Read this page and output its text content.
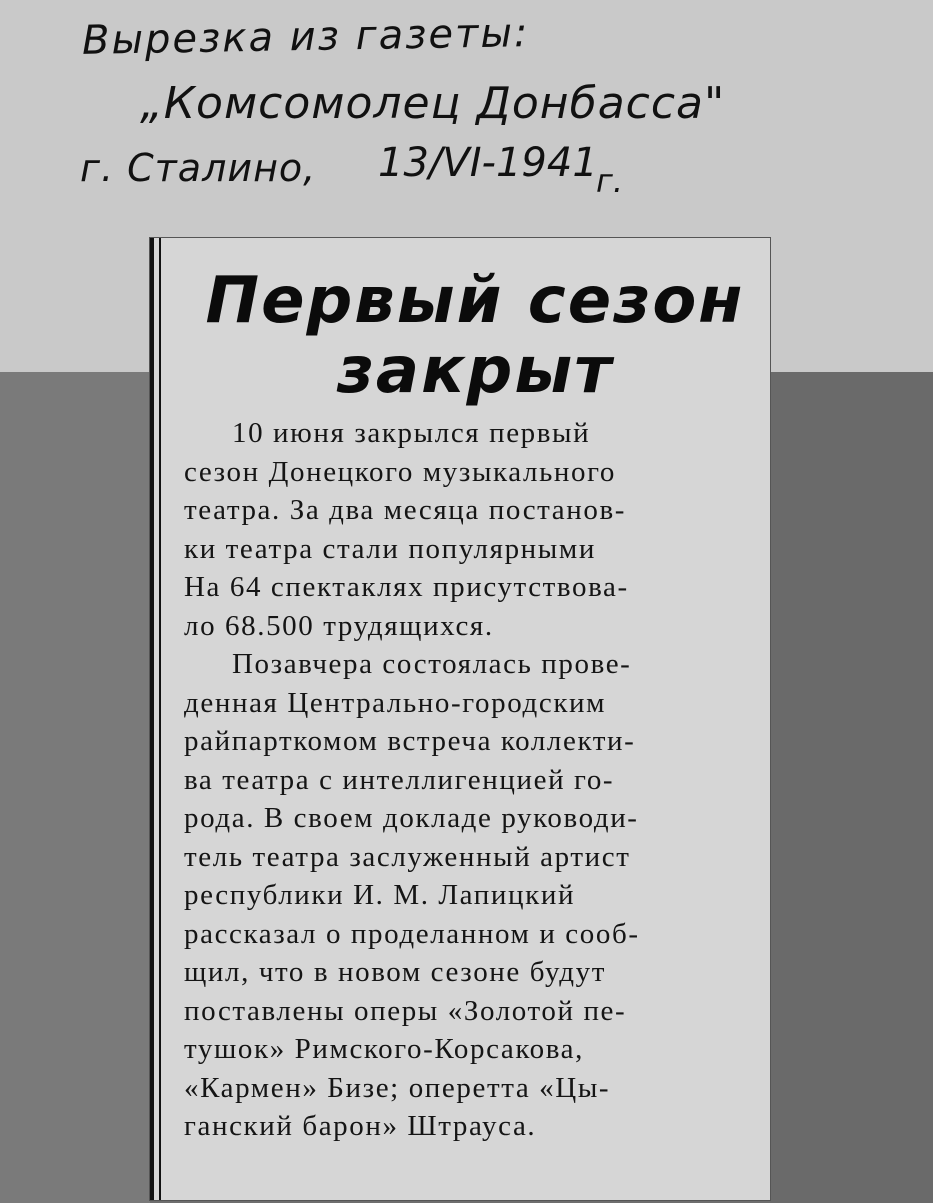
Вырезка из газеты:
„Комсомолец Донбасса"
г. Сталино, 13/VI-1941
г.
Первый сезон
закрыт
10 июня закрылся первый
сезон Донецкого музыкального
театра. За два месяца постанов-
ки театра стали популярными
На 64 спектаклях присутствова-
ло 68.500 трудящихся.
Позавчера состоялась прове-
денная Центрально-городским
райпарткомом встреча коллекти-
ва театра с интеллигенцией го-
рода. В своем докладе руководи-
тель театра заслуженный артист
республики И. М. Лапицкий
рассказал о проделанном и сооб-
щил, что в новом сезоне будут
поставлены оперы «Золотой пе-
тушок» Римского-Корсакова,
«Кармен» Бизе; оперетта «Цы-
ганский барон» Штрауса.
